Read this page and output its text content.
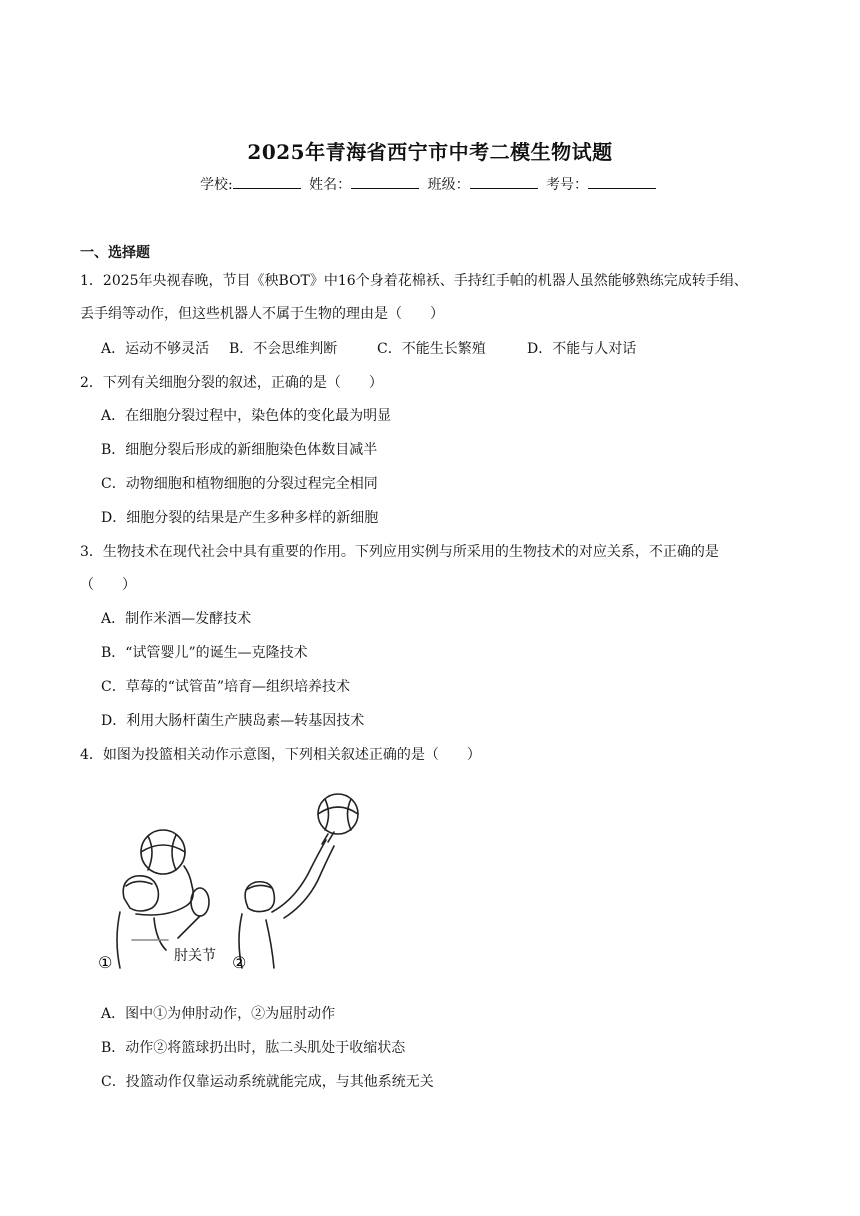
2025年青海省西宁市中考二模生物试题
学校:	姓名：	班级：	考号：
一、选择题
1．2025年央视春晚，节目《秧BOT》中16个身着花棉袄、手持红手帕的机器人虽然能够熟练完成转手绢、
丢手绢等动作，但这些机器人不属于生物的理由是（　　）
A．运动不够灵活 B．不会思维判断	C．不能生长繁殖	D．不能与人对话
2．下列有关细胞分裂的叙述，正确的是（　　）
A．在细胞分裂过程中，染色体的变化最为明显
B．细胞分裂后形成的新细胞染色体数目减半
C．动物细胞和植物细胞的分裂过程完全相同
D．细胞分裂的结果是产生多种多样的新细胞
3．生物技术在现代社会中具有重要的作用。下列应用实例与所采用的生物技术的对应关系，不正确的是
（　　）
A．制作米酒—发酵技术
B．“试管婴儿”的诞生—克隆技术
C．草莓的“试管苗”培育—组织培养技术
D．利用大肠杆菌生产胰岛素—转基因技术
4．如图为投篮相关动作示意图，下列相关叙述正确的是（　　）
①	②
肘关节
A．图中①为伸肘动作，②为屈肘动作
B．动作②将篮球扔出时，肱二头肌处于收缩状态
C．投篮动作仅靠运动系统就能完成，与其他系统无关
